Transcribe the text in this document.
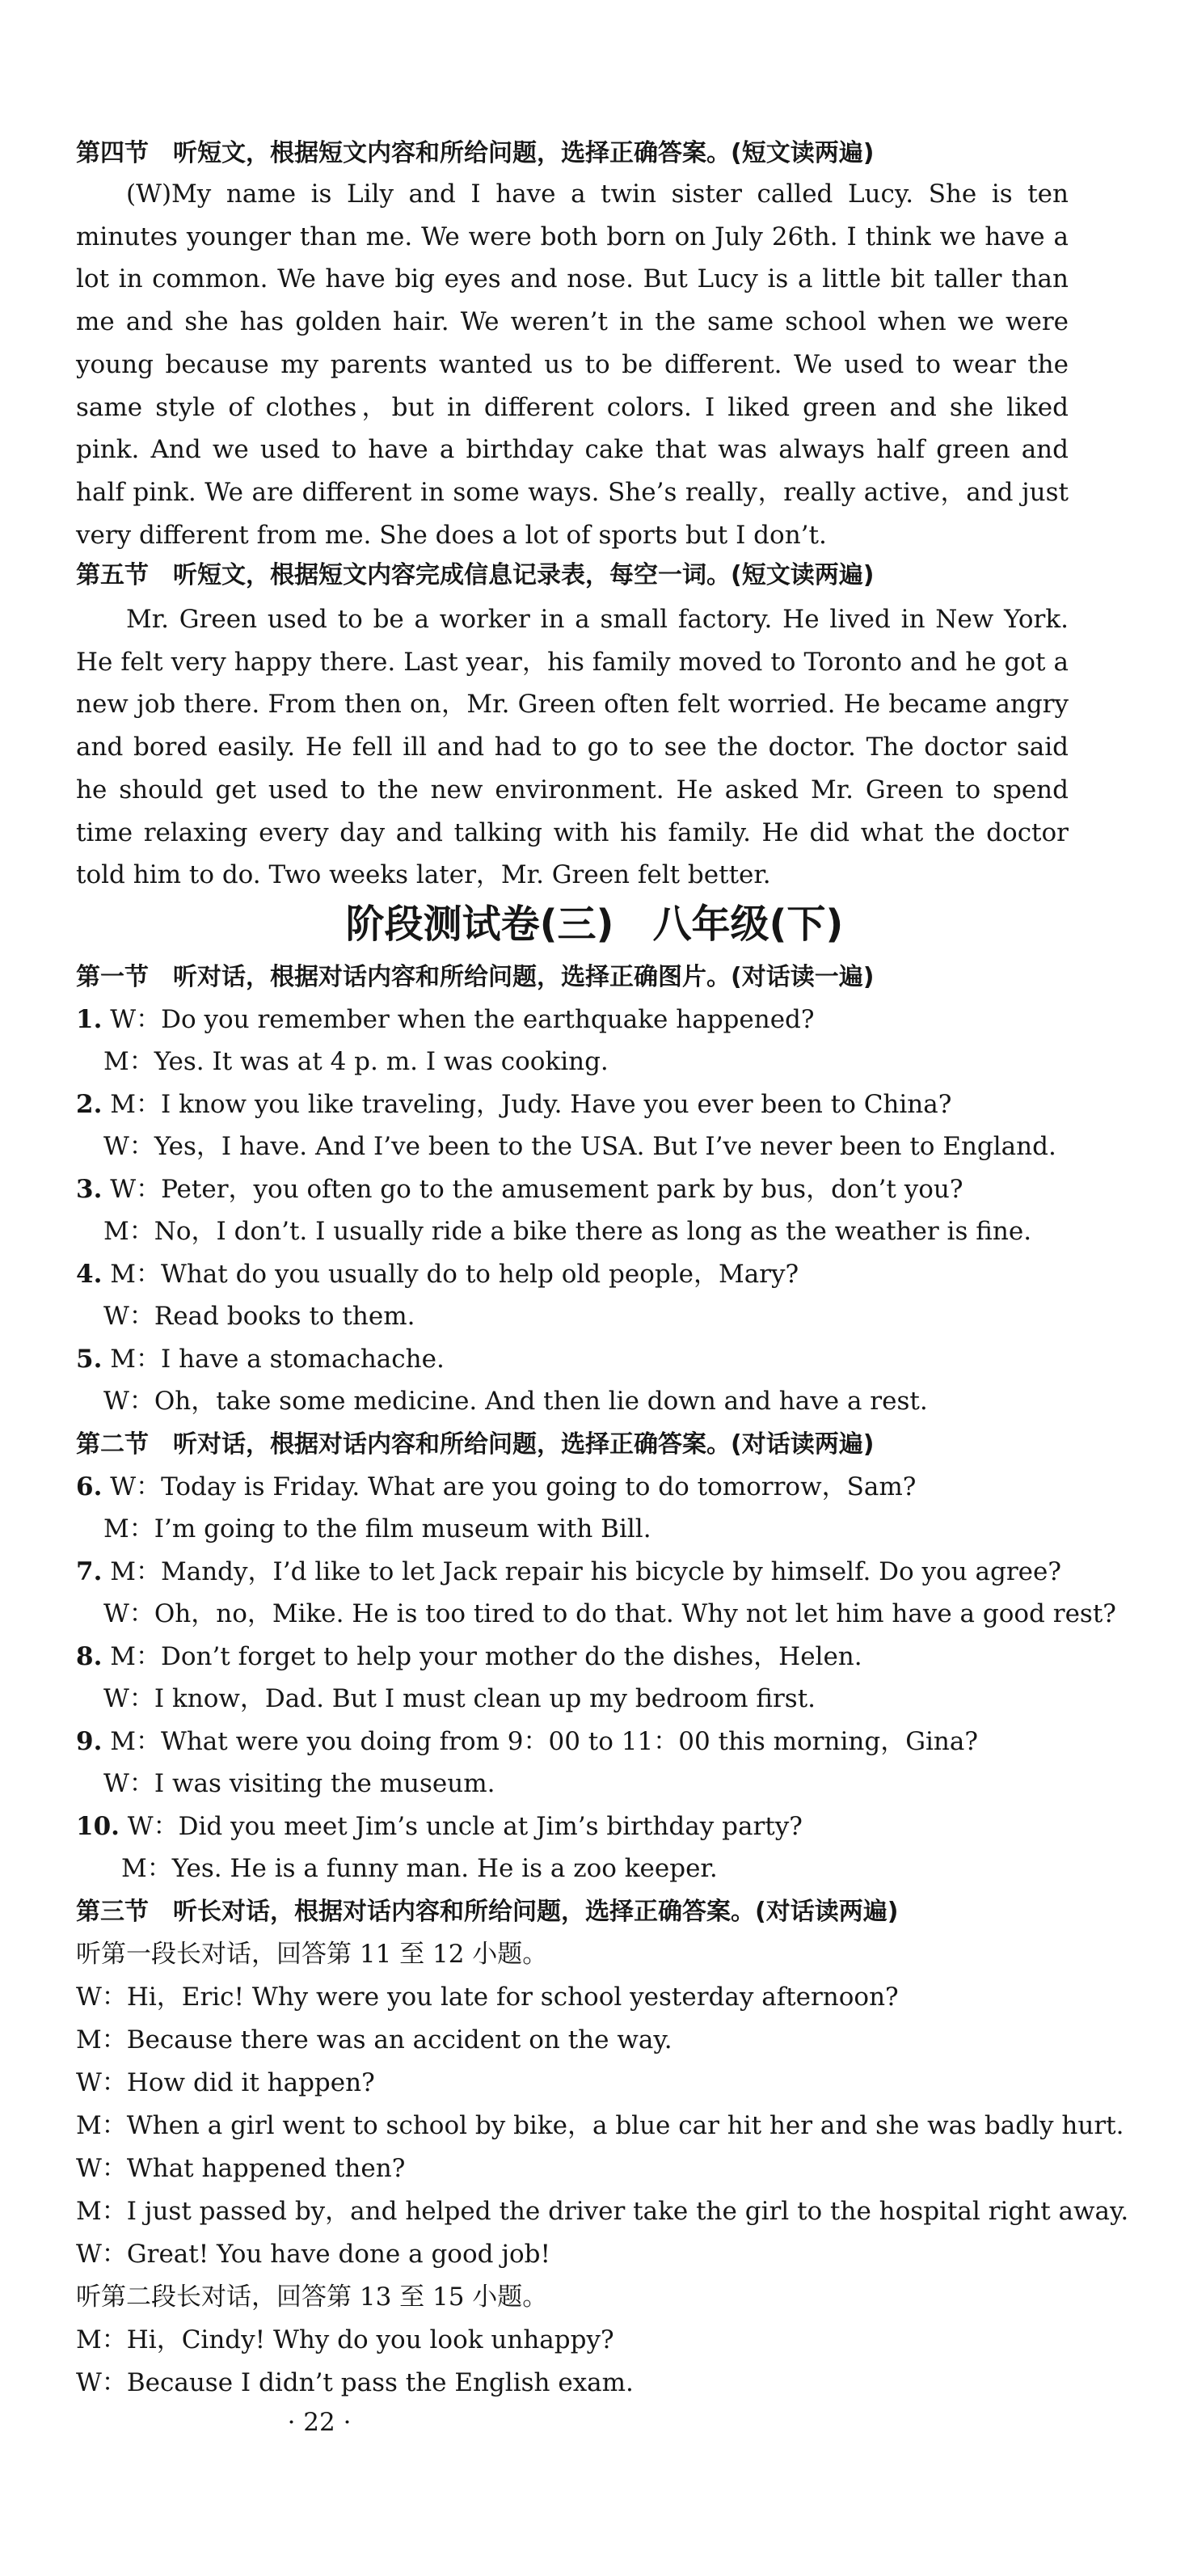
第四节　听短文，根据短文内容和所给问题，选择正确答案。(短文读两遍)

(W)My name is Lily and I have a twin sister called Lucy. She is ten minutes younger than me. We were both born on July 26th. I think we have a lot in common. We have big eyes and nose. But Lucy is a little bit taller than me and she has golden hair. We weren’t in the same school when we were young because my parents wanted us to be different. We used to wear the same style of clothes，but in different colors. I liked green and she liked pink. And we used to have a birthday cake that was always half green and half pink. We are different in some ways. She’s really，really active，and just very different from me. She does a lot of sports but I don’t.

第五节　听短文，根据短文内容完成信息记录表，每空一词。(短文读两遍)

Mr. Green used to be a worker in a small factory. He lived in New York. He felt very happy there. Last year，his family moved to Toronto and he got a new job there. From then on，Mr. Green often felt worried. He became angry and bored easily. He fell ill and had to go to see the doctor. The doctor said he should get used to the new environment. He asked Mr. Green to spend time relaxing every day and talking with his family. He did what the doctor told him to do. Two weeks later，Mr. Green felt better.

阶段测试卷(三)　八年级(下)
第一节　听对话，根据对话内容和所给问题，选择正确图片。(对话读一遍)
1. W：Do you remember when the earthquake happened?
M：Yes. It was at 4 p. m. I was cooking.
2. M：I know you like traveling，Judy. Have you ever been to China?
W：Yes，I have. And I’ve been to the USA. But I’ve never been to England.
3. W：Peter，you often go to the amusement park by bus，don’t you?
M：No，I don’t. I usually ride a bike there as long as the weather is fine.
4. M：What do you usually do to help old people，Mary?
W：Read books to them.
5. M：I have a stomachache.
W：Oh，take some medicine. And then lie down and have a rest.
第二节　听对话，根据对话内容和所给问题，选择正确答案。(对话读两遍)
6. W：Today is Friday. What are you going to do tomorrow，Sam?
M：I’m going to the film museum with Bill.
7. M：Mandy，I’d like to let Jack repair his bicycle by himself. Do you agree?
W：Oh，no，Mike. He is too tired to do that. Why not let him have a good rest?
8. M：Don’t forget to help your mother do the dishes，Helen.
W：I know，Dad. But I must clean up my bedroom first.
9. M：What were you doing from 9：00 to 11：00 this morning，Gina?
W：I was visiting the museum.
10. W：Did you meet Jim’s uncle at Jim’s birthday party?
M：Yes. He is a funny man. He is a zoo keeper.
第三节　听长对话，根据对话内容和所给问题，选择正确答案。(对话读两遍)
听第一段长对话，回答第 11 至 12 小题。
W：Hi，Eric! Why were you late for school yesterday afternoon?
M：Because there was an accident on the way.
W：How did it happen?
M：When a girl went to school by bike，a blue car hit her and she was badly hurt.
W：What happened then?
M：I just passed by，and helped the driver take the girl to the hospital right away.
W：Great! You have done a good job!
听第二段长对话，回答第 13 至 15 小题。
M：Hi，Cindy! Why do you look unhappy?
W：Because I didn’t pass the English exam.
· 22 ·
